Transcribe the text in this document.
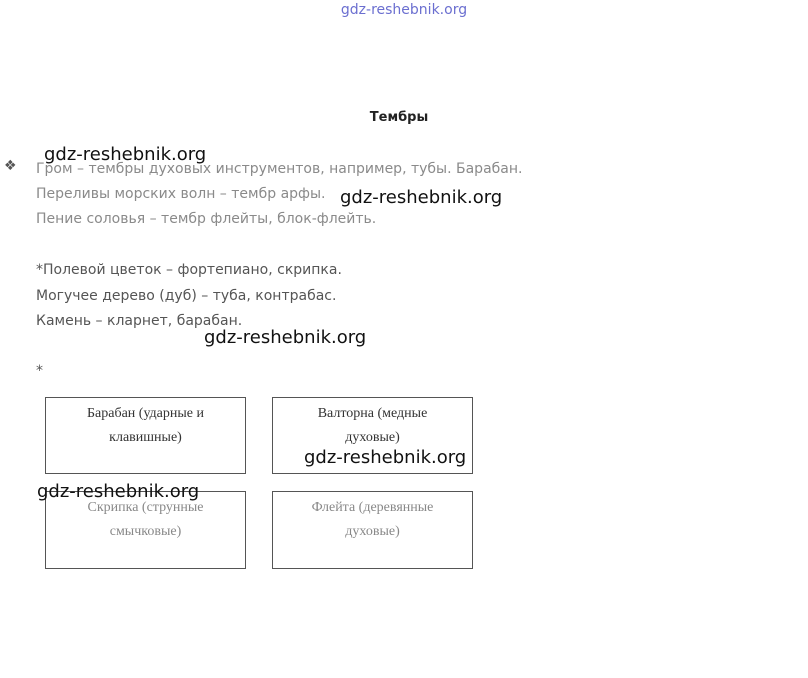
gdz-reshebnik.org
Тембры
❖ Гром – тембры духовых инструментов, например, тубы. Барабан.
Переливы морских волн – тембр арфы.
Пение соловья – тембр флейты, блок-флейть.
*Полевой цветок – фортепиано, скрипка.
Могучее дерево (дуб) – туба, контрабас.
Камень – кларнет, барабан.
*
Барабан (ударные и
клавишные)
Валторна (медные
духовые)
Скрипка (струнные
смычковые)
Флейта (деревянные
духовые)
gdz-reshebnik.org
gdz-reshebnik.org
gdz-reshebnik.org
gdz-reshebnik.org
gdz-reshebnik.org
